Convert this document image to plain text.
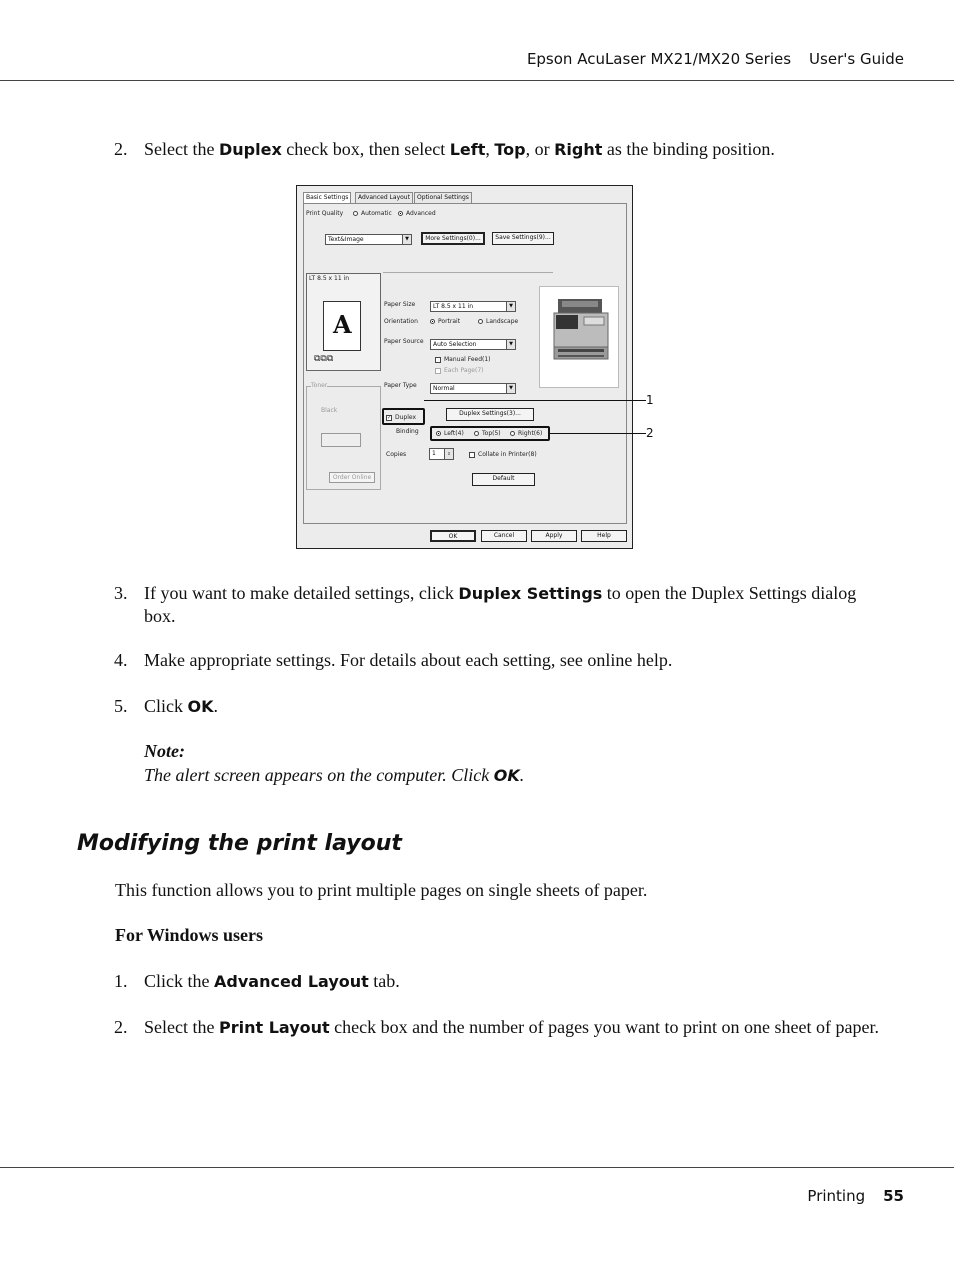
Epson AcuLaser MX21/MX20 Series User's Guide
2. Select the Duplex check box, then select Left, Top, or Right as the binding position.
Basic Settings	Advanced Layout	Optional Settings
Print Quality	Automatic	Advanced
Text&Image	▼	More Settings(0)...	Save Settings(9)...
LT 8.5 x 11 in
A
⧉⧉⧉
Toner
Black
Order Online
Paper Size	LT 8.5 x 11 in	▼
Orientation	Portrait	Landscape
Paper Source	Auto Selection	▼
Manual Feed(1)
Each Page(7)
Paper Type	Normal	▼
✓ Duplex
Duplex Settings(3)...
Binding	Left(4)	Top(5)	Right(6)
Copies	1	⇕	Collate in Printer(8)
Default
OK	Cancel	Apply	Help
1
2
3. If you want to make detailed settings, click Duplex Settings to open the Duplex Settings dialog box.
4. Make appropriate settings. For details about each setting, see online help.
5. Click OK.
Note:
The alert screen appears on the computer. Click OK.
Modifying the print layout
This function allows you to print multiple pages on single sheets of paper.
For Windows users
1. Click the Advanced Layout tab.
2. Select the Print Layout check box and the number of pages you want to print on one sheet of paper.
Printing 55
